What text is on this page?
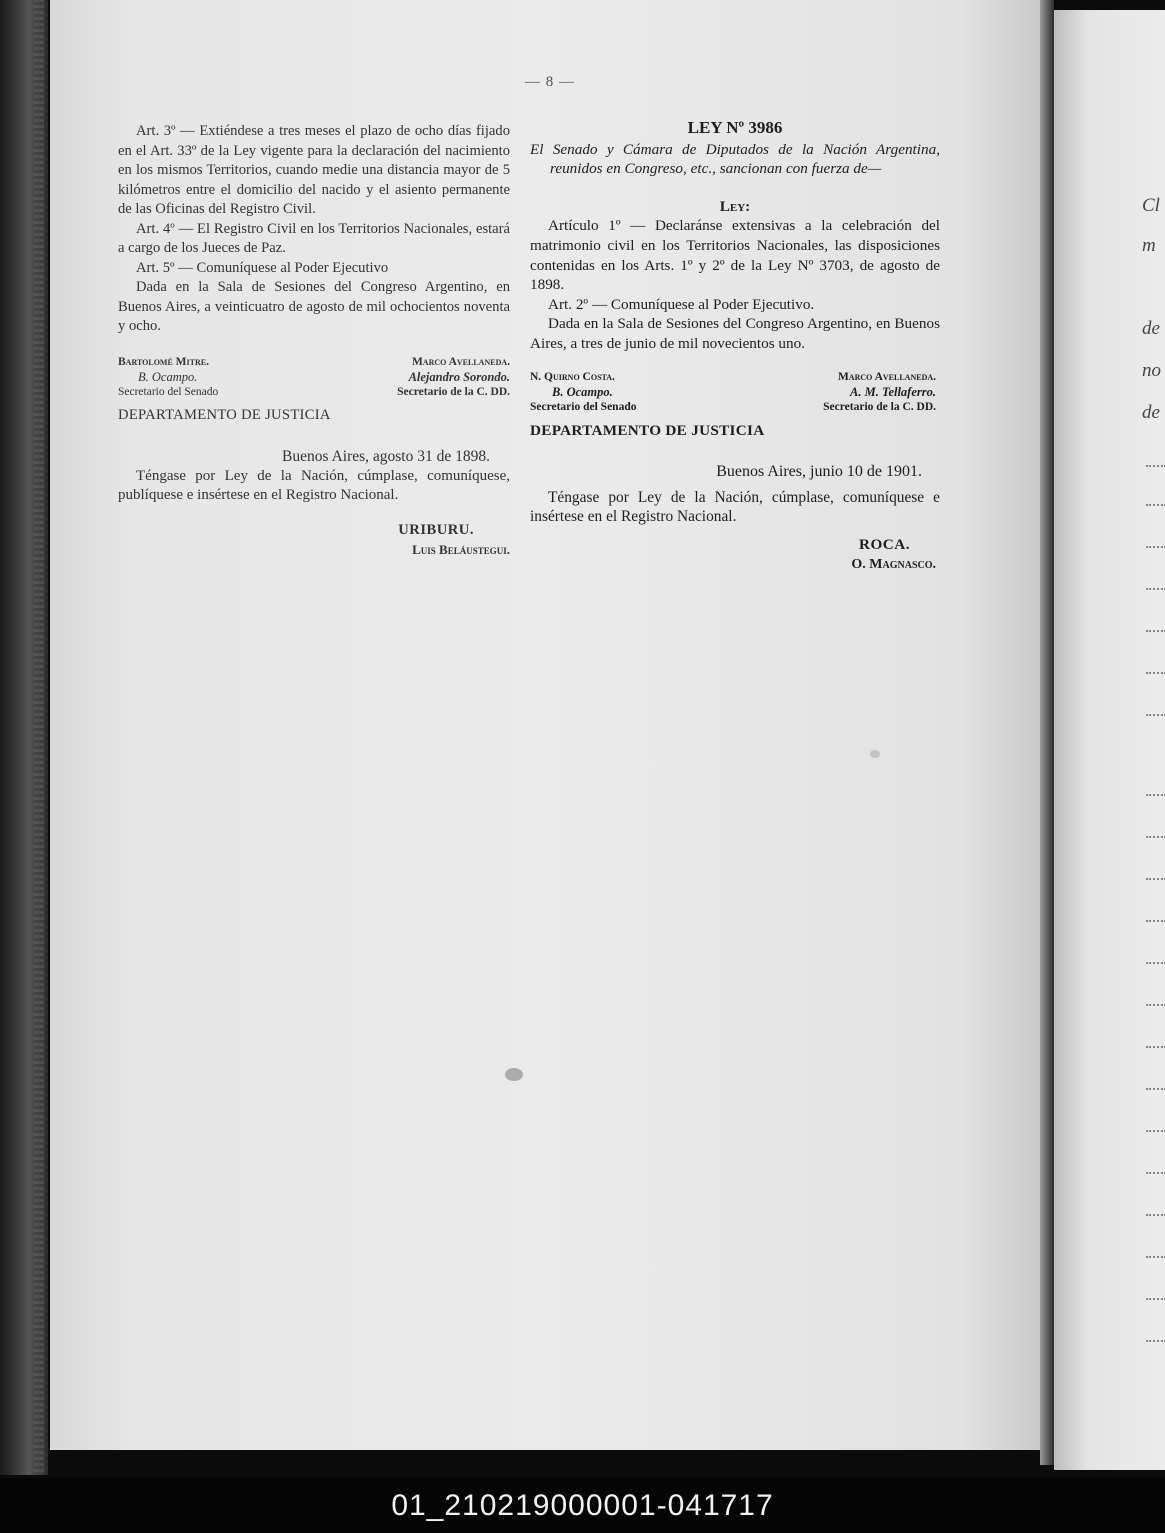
Cl
m
de
no
de
— 8 —

Art. 3º — Extiéndese a tres meses el plazo de ocho días fijado en el Art. 33º de la Ley vigente para la declaración del nacimiento en los mismos Territorios, cuando medie una distancia mayor de 5 kilómetros entre el domicilio del nacido y el asiento permanente de las Oficinas del Registro Civil.

Art. 4º — El Registro Civil en los Territorios Nacionales, estará a cargo de los Jueces de Paz.

Art. 5º — Comuníquese al Poder Ejecutivo

Dada en la Sala de Sesiones del Congreso Argentino, en Buenos Aires, a veinticuatro de agosto de mil ochocientos noventa y ocho.

Bartolomé Mitre.
B. Ocampo.
Secretario del Senado
Marco Avellaneda.
Alejandro Sorondo.
Secretario de la C. DD.
DEPARTAMENTO DE JUSTICIA
Buenos Aires, agosto 31 de 1898.

Téngase por Ley de la Nación, cúmplase, comuníquese, publíquese e insértese en el Registro Nacional.

URIBURU.
Luis Beláustegui.
LEY Nº 3986

El Senado y Cámara de Diputados de la Nación Argentina, reunidos en Congreso, etc., sancionan con fuerza de—

Ley:

Artículo 1º — Declaránse extensivas a la celebración del matrimonio civil en los Territorios Nacionales, las disposiciones contenidas en los Arts. 1º y 2º de la Ley Nº 3703, de agosto de 1898.

Art. 2º — Comuníquese al Poder Ejecutivo.

Dada en la Sala de Sesiones del Congreso Argentino, en Buenos Aires, a tres de junio de mil novecientos uno.

N. Quirno Costa.
B. Ocampo.
Secretario del Senado
Marco Avellaneda.
A. M. Tellaferro.
Secretario de la C. DD.
DEPARTAMENTO DE JUSTICIA
Buenos Aires, junio 10 de 1901.

Téngase por Ley de la Nación, cúmplase, comuníquese e insértese en el Registro Nacional.

ROCA.
O. Magnasco.
01_210219000001-041717
